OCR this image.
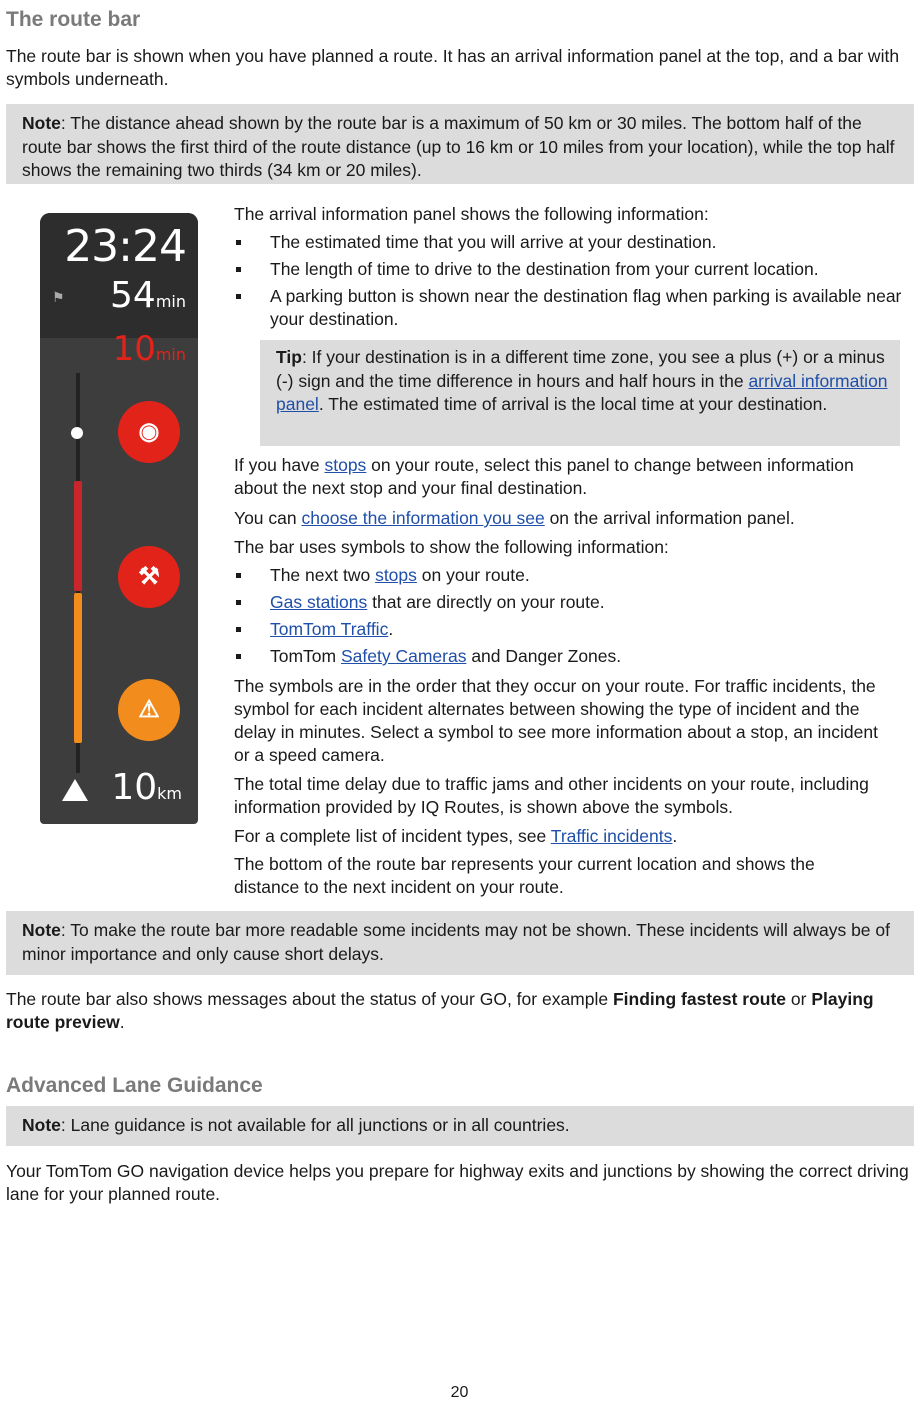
The route bar

The route bar is shown when you have planned a route. It has an arrival information panel at the top, and a bar with symbols underneath.

Note: The distance ahead shown by the route bar is a maximum of 50 km or 30 miles. The bottom half of the route bar shows the first third of the route distance (up to 16 km or 10 miles from your location), while the top half shows the remaining two thirds (34 km or 20 miles).
23:24
⚑ 54min
10min
◉
⚒
⚠
10km

The arrival information panel shows the following information:

The estimated time that you will arrive at your destination.
The length of time to drive to the destination from your current location.
A parking button is shown near the destination flag when parking is available near your destination.
Tip: If your destination is in a different time zone, you see a plus (+) or a minus (-) sign and the time difference in hours and half hours in the arrival information panel. The estimated time of arrival is the local time at your destination.

If you have stops on your route, select this panel to change between information about the next stop and your final destination.

You can choose the information you see on the arrival information panel.

The bar uses symbols to show the following information:

The next two stops on your route.
Gas stations that are directly on your route.
TomTom Traffic.
TomTom Safety Cameras and Danger Zones.

The symbols are in the order that they occur on your route. For traffic incidents, the symbol for each incident alternates between showing the type of incident and the delay in minutes. Select a symbol to see more information about a stop, an incident or a speed camera.

The total time delay due to traffic jams and other incidents on your route, including information provided by IQ Routes, is shown above the symbols.

For a complete list of incident types, see Traffic incidents.

The bottom of the route bar represents your current location and shows the distance to the next incident on your route.

Note: To make the route bar more readable some incidents may not be shown. These incidents will always be of minor importance and only cause short delays.

The route bar also shows messages about the status of your GO, for example Finding fastest route or Playing route preview.

Advanced Lane Guidance
Note: Lane guidance is not available for all junctions or in all countries.

Your TomTom GO navigation device helps you prepare for highway exits and junctions by showing the correct driving lane for your planned route.

20
